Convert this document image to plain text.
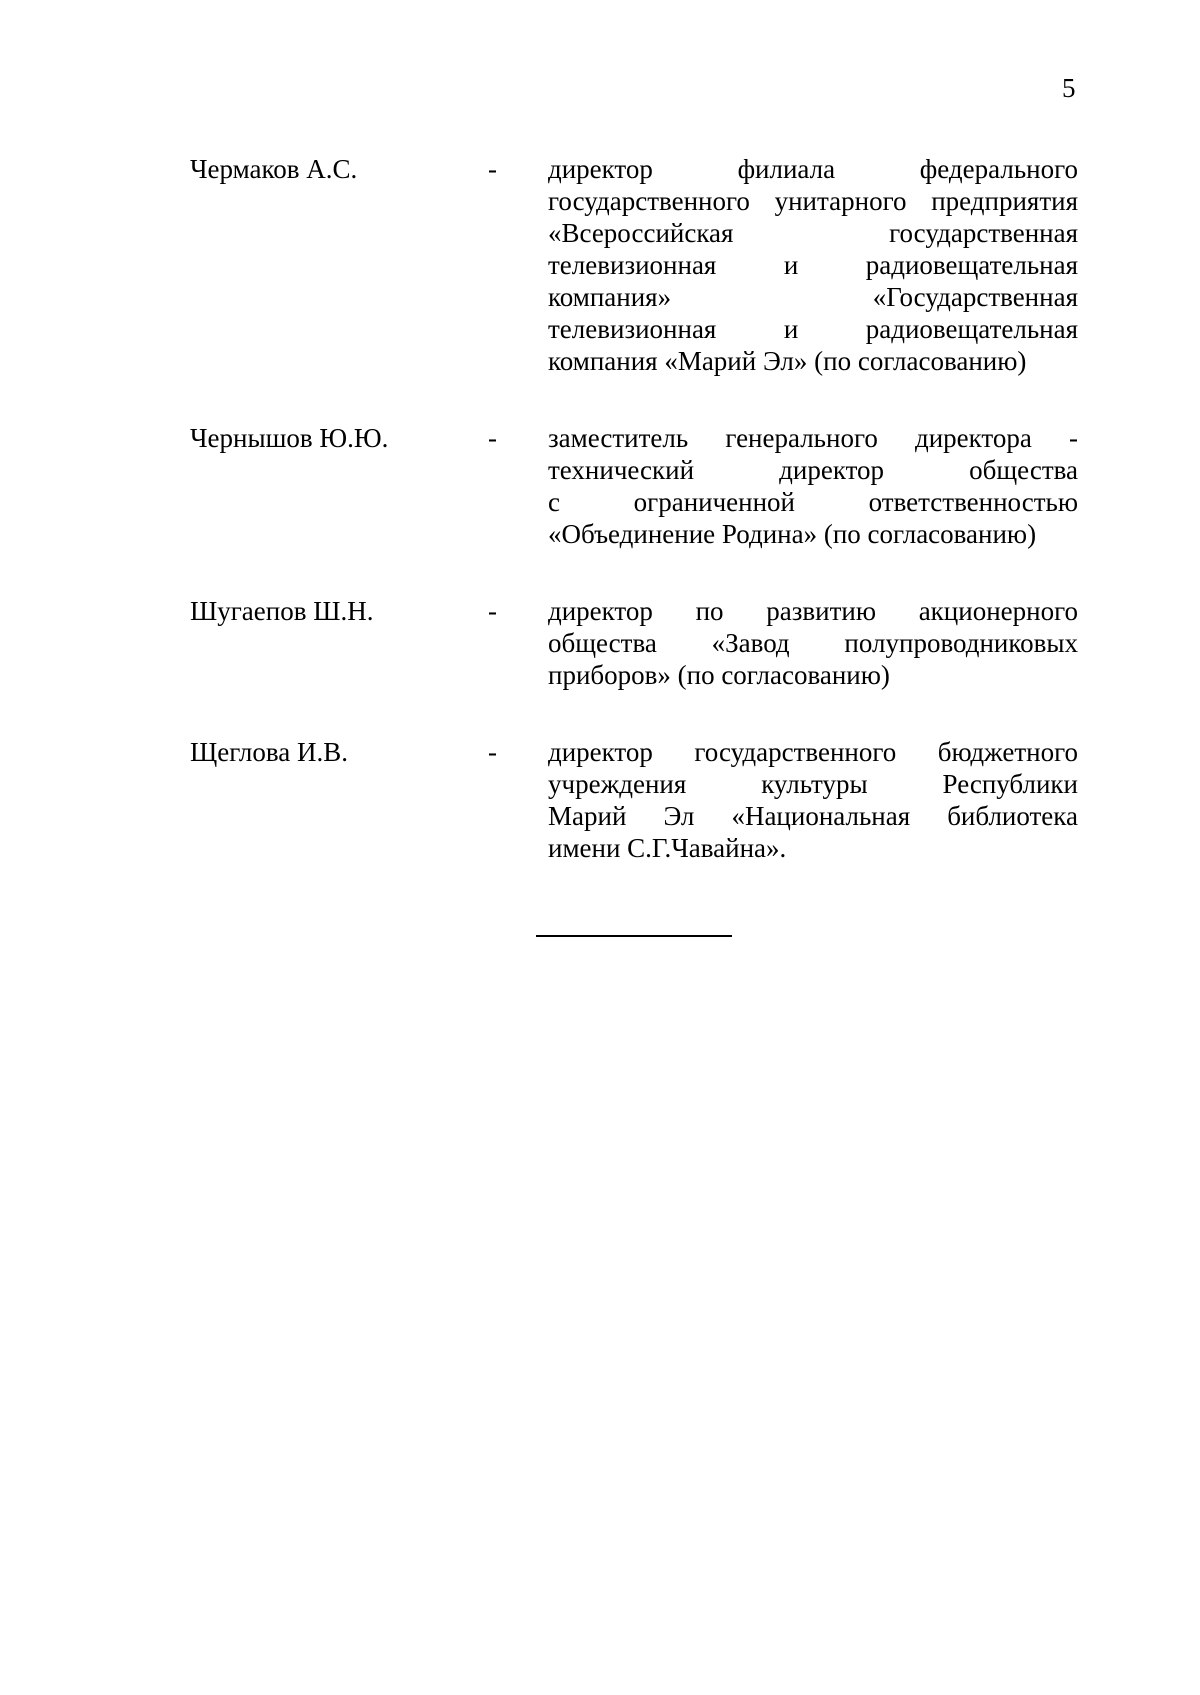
5
Чермаков А.С.	-	директор филиала федерального
государственного унитарного предприятия
«Всероссийская государственная
телевизионная и радиовещательная
компания» «Государственная
телевизионная и радиовещательная
компания «Марий Эл» (по согласованию)
Чернышов Ю.Ю.	-	заместитель генерального директора -
технический директор общества
с ограниченной ответственностью
«Объединение Родина» (по согласованию)
Шугаепов Ш.Н.	-	директор по развитию акционерного
общества «Завод полупроводниковых
приборов» (по согласованию)
Щеглова И.В.	-	директор государственного бюджетного
учреждения культуры Республики
Марий Эл «Национальная библиотека
имени С.Г.Чавайна».
